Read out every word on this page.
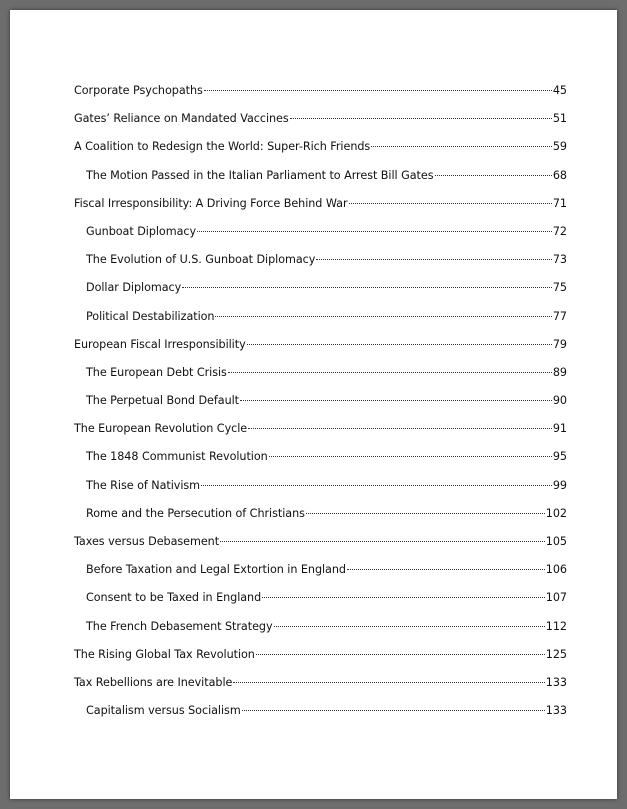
Corporate Psychopaths	45
Gates’ Reliance on Mandated Vaccines	51
A Coalition to Redesign the World: Super-Rich Friends	59
The Motion Passed in the Italian Parliament to Arrest Bill Gates	68
Fiscal Irresponsibility: A Driving Force Behind War	71
Gunboat Diplomacy	72
The Evolution of U.S. Gunboat Diplomacy	73
Dollar Diplomacy	75
Political Destabilization	77
European Fiscal Irresponsibility	79
The European Debt Crisis	89
The Perpetual Bond Default	90
The European Revolution Cycle	91
The 1848 Communist Revolution	95
The Rise of Nativism	99
Rome and the Persecution of Christians	102
Taxes versus Debasement	105
Before Taxation and Legal Extortion in England	106
Consent to be Taxed in England	107
The French Debasement Strategy	112
The Rising Global Tax Revolution	125
Tax Rebellions are Inevitable	133
Capitalism versus Socialism	133
